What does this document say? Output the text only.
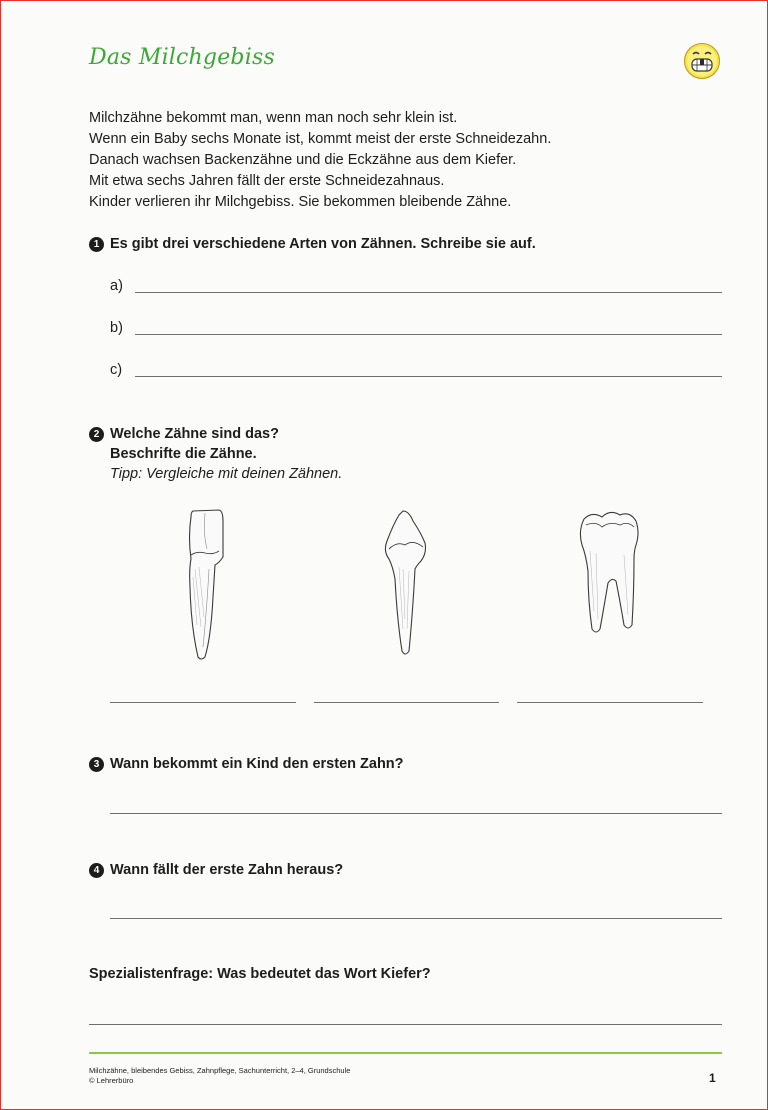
Das Milchgebiss
Milchzähne bekommt man, wenn man noch sehr klein ist.
Wenn ein Baby sechs Monate ist, kommt meist der erste Schneidezahn.
Danach wachsen Backenzähne und die Eckzähne aus dem Kiefer.
Mit etwa sechs Jahren fällt der erste Schneidezahnaus.
Kinder verlieren ihr Milchgebiss. Sie bekommen bleibende Zähne.
1 Es gibt drei verschiedene Arten von Zähnen. Schreibe sie auf.
a)
b)
c)
2 Welche Zähne sind das?
Beschrifte die Zähne.
Tipp: Vergleiche mit deinen Zähnen.
3 Wann bekommt ein Kind den ersten Zahn?
4 Wann fällt der erste Zahn heraus?
Spezialistenfrage: Was bedeutet das Wort Kiefer?
Milchzähne, bleibendes Gebiss, Zahnpflege, Sachunterricht, 2–4, Grundschule
© Lehrerbüro	1
